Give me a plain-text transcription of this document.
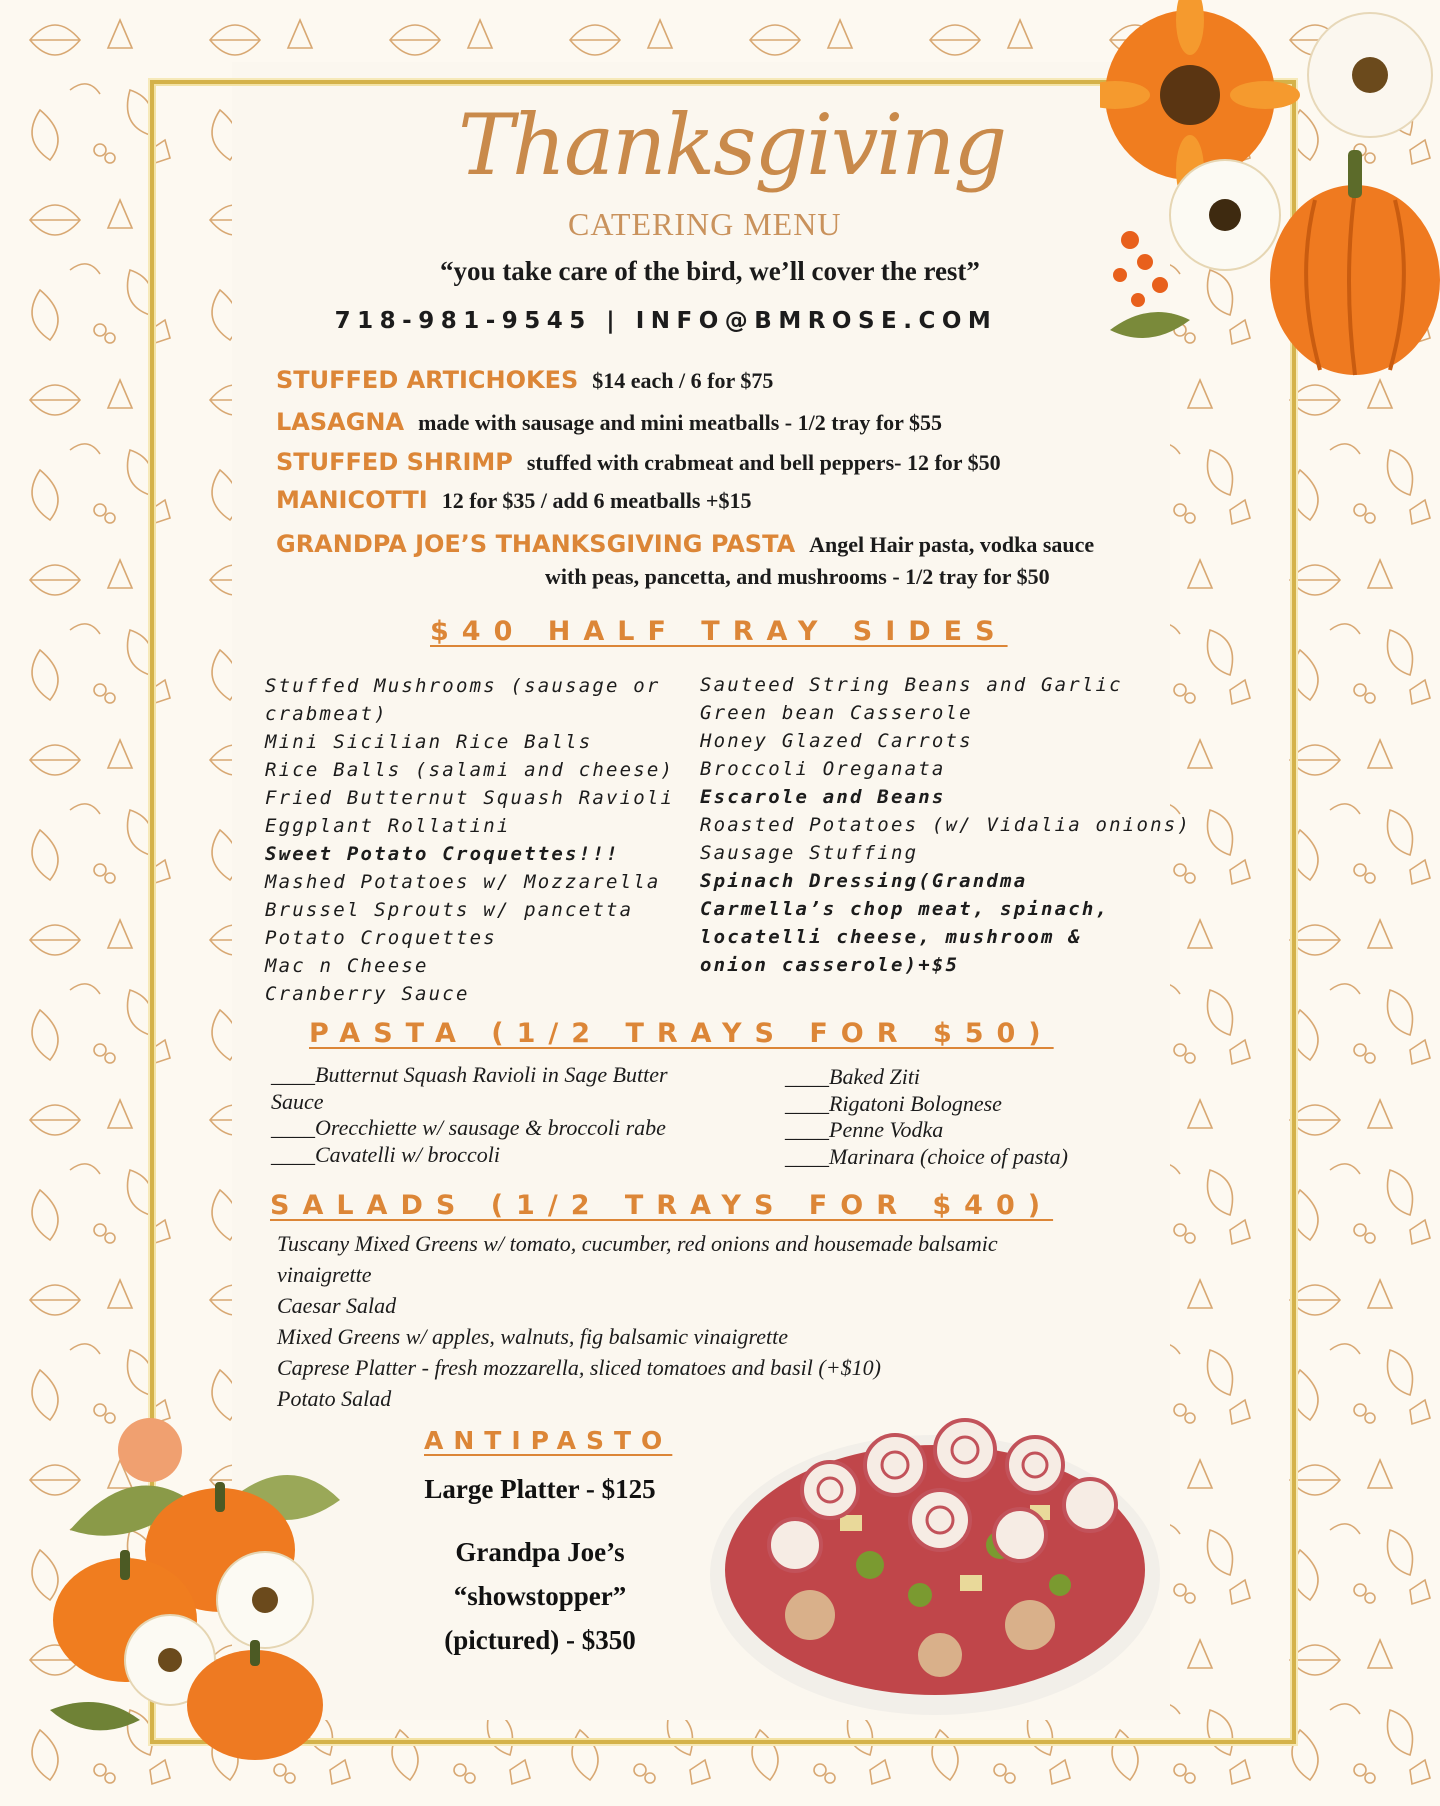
Thanksgiving
CATERING MENU
“you take care of the bird, we’ll cover the rest”
718-981-9545 | INFO@BMROSE.COM
STUFFED ARTICHOKES $14 each / 6 for $75
LASAGNA made with sausage and mini meatballs - 1/2 tray for $55
STUFFED SHRIMP stuffed with crabmeat and bell peppers- 12 for $50
MANICOTTI 12 for $35 / add 6 meatballs +$15
GRANDPA JOE’S THANKSGIVING PASTA Angel Hair pasta, vodka sauce
with peas, pancetta, and mushrooms - 1/2 tray for $50
$40 HALF TRAY SIDES
Stuffed Mushrooms (sausage or
crabmeat)
Mini Sicilian Rice Balls
Rice Balls (salami and cheese)
Fried Butternut Squash Ravioli
Eggplant Rollatini
Sweet Potato Croquettes!!!
Mashed Potatoes w/ Mozzarella
Brussel Sprouts w/ pancetta
Potato Croquettes
Mac n Cheese
Cranberry Sauce
Sauteed String Beans and Garlic
Green bean Casserole
Honey Glazed Carrots
Broccoli Oreganata
Escarole and Beans
Roasted Potatoes (w/ Vidalia onions)
Sausage Stuffing
Spinach Dressing(Grandma
Carmella’s chop meat, spinach,
locatelli cheese, mushroom &
onion casserole)+$5
PASTA (1/2 TRAYS FOR $50)
____Butternut Squash Ravioli in Sage Butter
Sauce
____Orecchiette w/ sausage & broccoli rabe
____Cavatelli w/ broccoli
____Baked Ziti
____Rigatoni Bolognese
____Penne Vodka
____Marinara (choice of pasta)
SALADS (1/2 TRAYS FOR $40)
Tuscany Mixed Greens w/ tomato, cucumber, red onions and housemade balsamic
vinaigrette
Caesar Salad
Mixed Greens w/ apples, walnuts, fig balsamic vinaigrette
Caprese Platter - fresh mozzarella, sliced tomatoes and basil (+$10)
Potato Salad
ANTIPASTO
Large Platter - $125
Grandpa Joe’s
“showstopper”
(pictured) - $350
